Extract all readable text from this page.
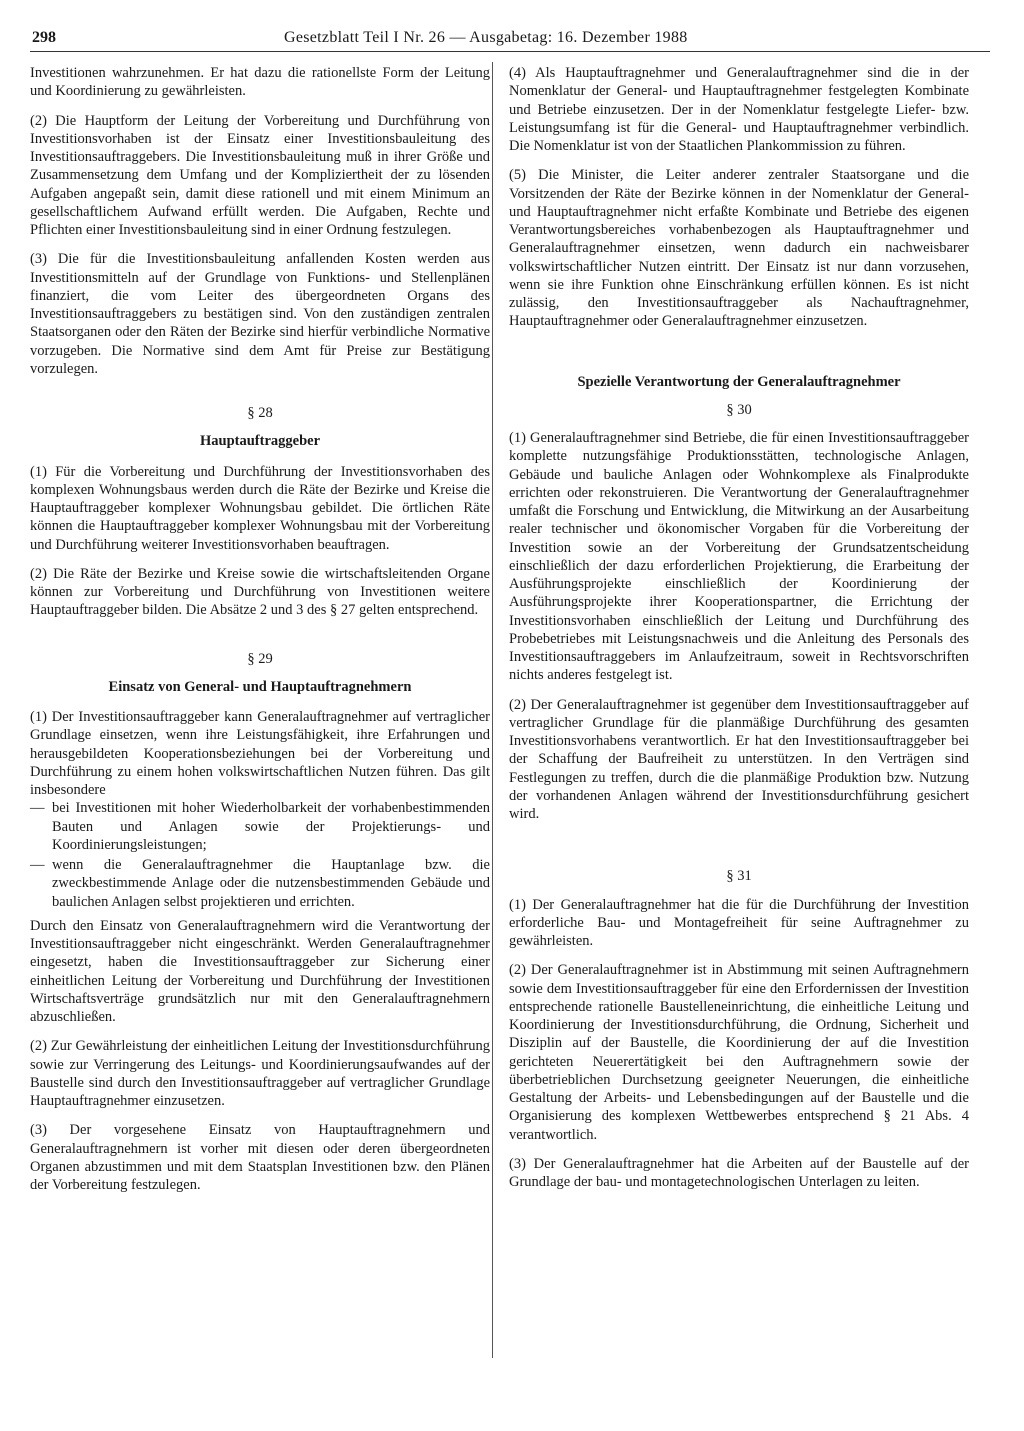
298	Gesetzblatt Teil I Nr. 26 — Ausgabetag: 16. Dezember 1988

Investitionen wahrzunehmen. Er hat dazu die rationellste Form der Leitung und Koordinierung zu gewährleisten.

(2) Die Hauptform der Leitung der Vorbereitung und Durchführung von Investitionsvorhaben ist der Einsatz einer Investitionsbauleitung des Investitionsauftraggebers. Die Investitionsbauleitung muß in ihrer Größe und Zusammensetzung dem Umfang und der Kompliziertheit der zu lösenden Aufgaben angepaßt sein, damit diese rationell und mit einem Minimum an gesellschaftlichem Aufwand erfüllt werden. Die Aufgaben, Rechte und Pflichten einer Investitionsbauleitung sind in einer Ordnung festzulegen.

(3) Die für die Investitionsbauleitung anfallenden Kosten werden aus Investitionsmitteln auf der Grundlage von Funktions- und Stellenplänen finanziert, die vom Leiter des übergeordneten Organs des Investitionsauftraggebers zu bestätigen sind. Von den zuständigen zentralen Staatsorganen oder den Räten der Bezirke sind hierfür verbindliche Normative vorzugeben. Die Normative sind dem Amt für Preise zur Bestätigung vorzulegen.

§ 28

Hauptauftraggeber

(1) Für die Vorbereitung und Durchführung der Investitionsvorhaben des komplexen Wohnungsbaus werden durch die Räte der Bezirke und Kreise die Hauptauftraggeber komplexer Wohnungsbau gebildet. Die örtlichen Räte können die Hauptauftraggeber komplexer Wohnungsbau mit der Vorbereitung und Durchführung weiterer Investitionsvorhaben beauftragen.

(2) Die Räte der Bezirke und Kreise sowie die wirtschaftsleitenden Organe können zur Vorbereitung und Durchführung von Investitionen weitere Hauptauftraggeber bilden. Die Absätze 2 und 3 des § 27 gelten entsprechend.

§ 29

Einsatz von General- und Hauptauftragnehmern

(1) Der Investitionsauftraggeber kann Generalauftragnehmer auf vertraglicher Grundlage einsetzen, wenn ihre Leistungsfähigkeit, ihre Erfahrungen und herausgebildeten Kooperationsbeziehungen bei der Vorbereitung und Durchführung zu einem hohen volkswirtschaftlichen Nutzen führen. Das gilt insbesondere

— bei Investitionen mit hoher Wiederholbarkeit der vorhabenbestimmenden Bauten und Anlagen sowie der Projektierungs- und Koordinierungsleistungen;
— wenn die Generalauftragnehmer die Hauptanlage bzw. die zweckbestimmende Anlage oder die nutzensbestimmenden Gebäude und baulichen Anlagen selbst projektieren und errichten.

Durch den Einsatz von Generalauftragnehmern wird die Verantwortung der Investitionsauftraggeber nicht eingeschränkt. Werden Generalauftragnehmer eingesetzt, haben die Investitionsauftraggeber zur Sicherung einer einheitlichen Leitung der Vorbereitung und Durchführung der Investitionen Wirtschaftsverträge grundsätzlich nur mit den Generalauftragnehmern abzuschließen.

(2) Zur Gewährleistung der einheitlichen Leitung der Investitionsdurchführung sowie zur Verringerung des Leitungs- und Koordinierungsaufwandes auf der Baustelle sind durch den Investitionsauftraggeber auf vertraglicher Grundlage Hauptauftragnehmer einzusetzen.

(3) Der vorgesehene Einsatz von Hauptauftragnehmern und Generalauftragnehmern ist vorher mit diesen oder deren übergeordneten Organen abzustimmen und mit dem Staatsplan Investitionen bzw. den Plänen der Vorbereitung festzulegen.

(4) Als Hauptauftragnehmer und Generalauftragnehmer sind die in der Nomenklatur der General- und Hauptauftragnehmer festgelegten Kombinate und Betriebe einzusetzen. Der in der Nomenklatur festgelegte Liefer- bzw. Leistungsumfang ist für die General- und Hauptauftragnehmer verbindlich. Die Nomenklatur ist von der Staatlichen Plankommission zu führen.

(5) Die Minister, die Leiter anderer zentraler Staatsorgane und die Vorsitzenden der Räte der Bezirke können in der Nomenklatur der General- und Hauptauftragnehmer nicht erfaßte Kombinate und Betriebe des eigenen Verantwortungsbereiches vorhabenbezogen als Hauptauftragnehmer und Generalauftragnehmer einsetzen, wenn dadurch ein nachweisbarer volkswirtschaftlicher Nutzen eintritt. Der Einsatz ist nur dann vorzusehen, wenn sie ihre Funktion ohne Einschränkung erfüllen können. Es ist nicht zulässig, den Investitionsauftraggeber als Nachauftragnehmer, Hauptauftragnehmer oder Generalauftragnehmer einzusetzen.

Spezielle Verantwortung der Generalauftragnehmer

§ 30

(1) Generalauftragnehmer sind Betriebe, die für einen Investitionsauftraggeber komplette nutzungsfähige Produktionsstätten, technologische Anlagen, Gebäude und bauliche Anlagen oder Wohnkomplexe als Finalprodukte errichten oder rekonstruieren. Die Verantwortung der Generalauftragnehmer umfaßt die Forschung und Entwicklung, die Mitwirkung an der Ausarbeitung realer technischer und ökonomischer Vorgaben für die Vorbereitung der Investition sowie an der Vorbereitung der Grundsatzentscheidung einschließlich der dazu erforderlichen Projektierung, die Erarbeitung der Ausführungsprojekte einschließlich der Koordinierung der Ausführungsprojekte ihrer Kooperationspartner, die Errichtung der Investitionsvorhaben einschließlich der Leitung und Durchführung des Probebetriebes mit Leistungsnachweis und die Anleitung des Personals des Investitionsauftraggebers im Anlaufzeitraum, soweit in Rechtsvorschriften nichts anderes festgelegt ist.

(2) Der Generalauftragnehmer ist gegenüber dem Investitionsauftraggeber auf vertraglicher Grundlage für die planmäßige Durchführung des gesamten Investitionsvorhabens verantwortlich. Er hat den Investitionsauftraggeber bei der Schaffung der Baufreiheit zu unterstützen. In den Verträgen sind Festlegungen zu treffen, durch die die planmäßige Produktion bzw. Nutzung der vorhandenen Anlagen während der Investitionsdurchführung gesichert wird.

§ 31

(1) Der Generalauftragnehmer hat die für die Durchführung der Investition erforderliche Bau- und Montagefreiheit für seine Auftragnehmer zu gewährleisten.

(2) Der Generalauftragnehmer ist in Abstimmung mit seinen Auftragnehmern sowie dem Investitionsauftraggeber für eine den Erfordernissen der Investition entsprechende rationelle Baustelleneinrichtung, die einheitliche Leitung und Koordinierung der Investitionsdurchführung, die Ordnung, Sicherheit und Disziplin auf der Baustelle, die Koordinierung der auf die Investition gerichteten Neuerertätigkeit bei den Auftragnehmern sowie der überbetrieblichen Durchsetzung geeigneter Neuerungen, die einheitliche Gestaltung der Arbeits- und Lebensbedingungen auf der Baustelle und die Organisierung des komplexen Wettbewerbes entsprechend § 21 Abs. 4 verantwortlich.

(3) Der Generalauftragnehmer hat die Arbeiten auf der Baustelle auf der Grundlage der bau- und montagetechnologischen Unterlagen zu leiten.
